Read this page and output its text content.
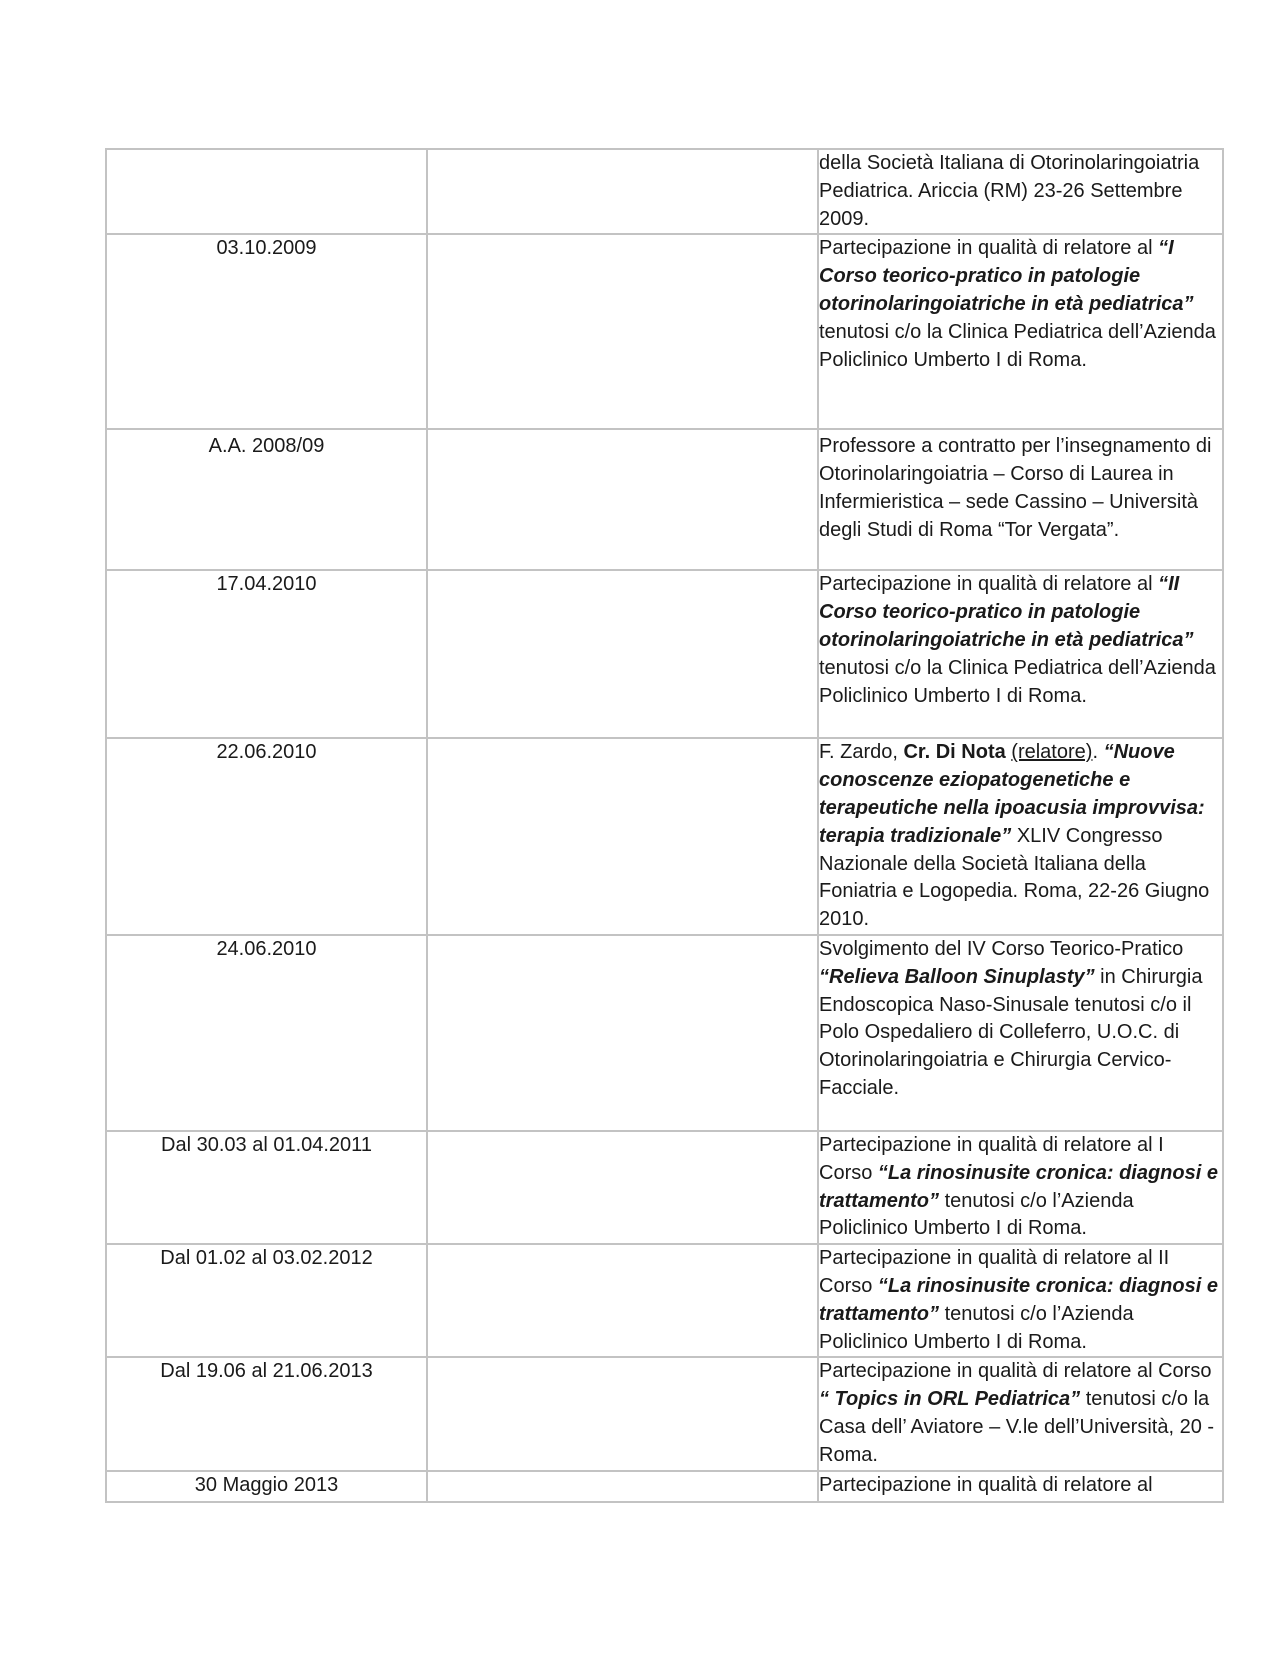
		della Società Italiana di Otorinolaringoiatria Pediatrica. Ariccia (RM) 23-26 Settembre 2009.
03.10.2009		Partecipazione in qualità di relatore al “I Corso teorico-pratico in patologie otorinolaringoiatriche in età pediatrica” tenutosi c/o la Clinica Pediatrica dell’Azienda Policlinico Umberto I di Roma.
A.A. 2008/09		Professore a contratto per l’insegnamento di Otorinolaringoiatria – Corso di Laurea in Infermieristica – sede Cassino – Università degli Studi di Roma “Tor Vergata”.
17.04.2010		Partecipazione in qualità di relatore al “II Corso teorico-pratico in patologie otorinolaringoiatriche in età pediatrica” tenutosi c/o la Clinica Pediatrica dell’Azienda Policlinico Umberto I di Roma.
22.06.2010		F. Zardo, Cr. Di Nota (relatore). “Nuove conoscenze eziopatogenetiche e terapeutiche nella ipoacusia improvvisa: terapia tradizionale” XLIV Congresso Nazionale della Società Italiana della Foniatria e Logopedia. Roma, 22-26 Giugno 2010.
24.06.2010		Svolgimento del IV Corso Teorico-Pratico “Relieva Balloon Sinuplasty” in Chirurgia Endoscopica Naso-Sinusale tenutosi c/o il Polo Ospedaliero di Colleferro, U.O.C. di Otorinolaringoiatria e Chirurgia Cervico-Facciale.
Dal 30.03 al 01.04.2011		Partecipazione in qualità di relatore al I Corso “La rinosinusite cronica: diagnosi e trattamento” tenutosi c/o l’Azienda Policlinico Umberto I di Roma.
Dal 01.02 al 03.02.2012		Partecipazione in qualità di relatore al II Corso “La rinosinusite cronica: diagnosi e trattamento” tenutosi c/o l’Azienda Policlinico Umberto I di Roma.
Dal 19.06 al 21.06.2013		Partecipazione in qualità di relatore al Corso “ Topics in ORL Pediatrica” tenutosi c/o la Casa dell’ Aviatore – V.le dell’Università, 20 - Roma.
30 Maggio 2013		Partecipazione in qualità di relatore al
